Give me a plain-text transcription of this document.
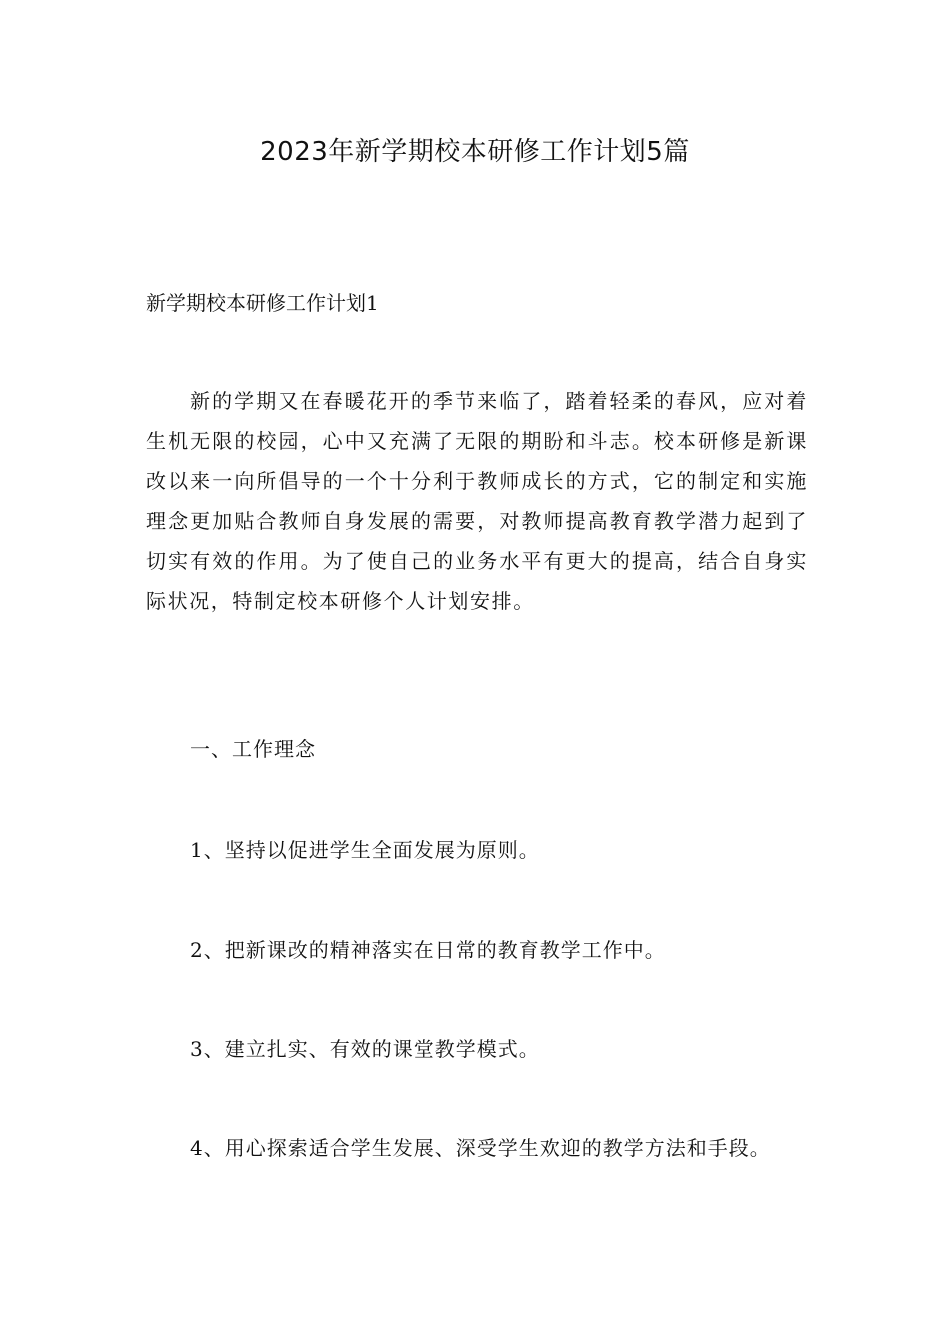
2023年新学期校本研修工作计划5篇
新学期校本研修工作计划1

新的学期又在春暖花开的季节来临了，踏着轻柔的春风，应对着生机无限的校园，心中又充满了无限的期盼和斗志。校本研修是新课改以来一向所倡导的一个十分利于教师成长的方式，它的制定和实施理念更加贴合教师自身发展的需要，对教师提高教育教学潜力起到了切实有效的作用。为了使自己的业务水平有更大的提高，结合自身实际状况，特制定校本研修个人计划安排。

一、工作理念

1、坚持以促进学生全面发展为原则。

2、把新课改的精神落实在日常的教育教学工作中。

3、建立扎实、有效的课堂教学模式。

4、用心探索适合学生发展、深受学生欢迎的教学方法和手段。
